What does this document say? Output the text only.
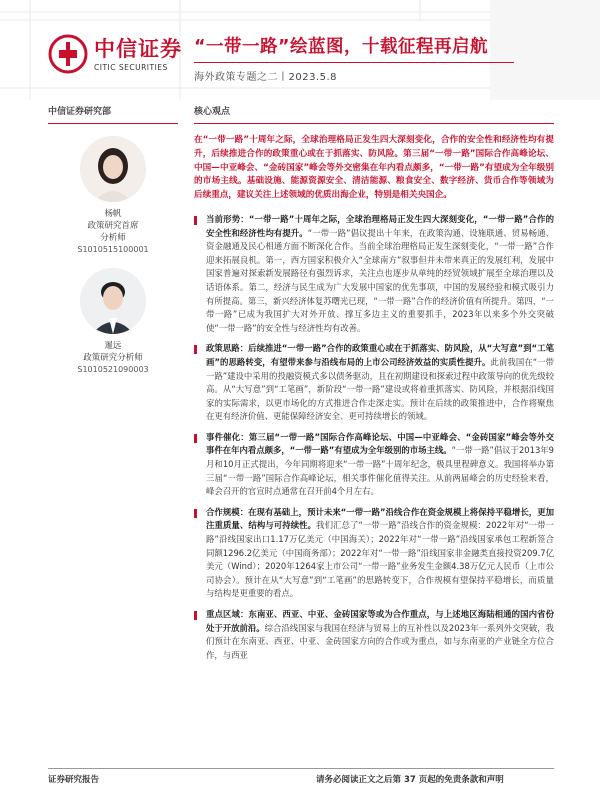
中信证券
CITIC SECURITIES
“一带一路”绘蓝图，十载征程再启航
海外政策专题之二丨2023.5.8
中信证券研究部
杨帆
政策研究首席
分析师
S1010515100001
暹远
政策研究分析师
S1010521090003
核心观点
在“一带一路”十周年之际，全球治理格局正发生四大深刻变化，合作的安全性和经济性均有提升，后续推进合作的政策重心或在于抓落实、防风险。第三届“一带一路”国际合作高峰论坛、中国—中亚峰会、“金砖国家”峰会等外交密集在年内看点颇多，“一带一路”有望成为全年级别的市场主线。基础设施、能源资源安全、清洁能源、粮食安全、数字经济、货币合作等领域为后续重点，建议关注上述领域的优质出海企业，特别是相关央国企。
当前形势：“一带一路”十周年之际，全球治理格局正发生四大深刻变化，“一带一路”合作的安全性和经济性均有提升。“一带一路”倡议提出十年来，在政策沟通、设施联通、贸易畅通、资金融通及民心相通方面不断深化合作。当前全球治理格局正发生深刻变化，“一带一路”合作迎来拓展良机。第一，西方国家积极介入“全球南方”叙事但并未带来真正的发展红利，发展中国家普遍对探索新发展路径有强烈诉求，关注点也逐步从单纯的经贸领域扩展至全球治理以及话语体系。第二，经济与民生成为广大发展中国家的优先事项，中国的发展经验和模式吸引力有所提高。第三，新兴经济体复苏曙光已现，“一带一路”合作的经济价值有所提升。第四，“一带一路”已成为我国扩大对外开放、撑互多边主义的重要抓手，2023年以来多个外交突破使“一带一路”的安全性与经济性均有改善。
政策思路：后续推进“一带一路”合作的政策重心或在于抓落实、防风险，从“大写意”到“工笔画”的思路转变，有望带来参与沿线布局的上市公司经济效益的实质性提升。此前我国在“一带一路”建设中采用的投融资模式多以债务驱动，且在初期建设和探索过程中政策导向的优先级较高。从“大写意”到“工笔画”，新阶段“一带一路”建设或将着重抓落实、防风险，并根据沿线国家的实际需求，以更市场化的方式推进合作走深走实。预计在后续的政策推进中，合作将聚焦在更有经济价值、更能保障经济安全、更可持续增长的领域。
事件催化：第三届“一带一路”国际合作高峰论坛、中国—中亚峰会、“金砖国家”峰会等外交事件在年内看点颇多，“一带一路”有望成为全年级别的市场主线。“一带一路”倡议于2013年9月和10月正式提出，今年同期将迎来“一带一路”十周年纪念，极具里程碑意义。我国将举办第三届“一带一路”国际合作高峰论坛，相关事件催化值得关注。从前两届峰会的历史经验来看，峰会召开的官宣时点通常在召开前4个月左右。
合作规模：在现有基础上，预计未来“一带一路”沿线合作在资金规模上将保持平稳增长，更加注重质量、结构与可持续性。我们汇总了“一带一路”沿线合作的资金规模：2022年对“一带一路”沿线国家出口1.17万亿美元（中国海关）；2022年对“一带一路”沿线国家承包工程新签合同额1296.2亿美元（中国商务部）；2022年对“一带一路”沿线国家非金融类直接投资209.7亿美元（Wind）；2020年1264家上市公司“一带一路”业务发生金额4.38万亿元人民币（上市公司协会）。预计在从“大写意”到“工笔画”的思路转变下，合作规模有望保持平稳增长，而质量与结构是更重要的看点。
重点区域：东南亚、西亚、中亚、金砖国家等或为合作重点，与上述地区海陆相通的国内省份处于开放前沿。综合沿线国家与我国在经济与贸易上的互补性以及2023年一系列外交突破，我们预计在东南亚、西亚、中亚、金砖国家方向的合作或为重点，如与东南亚的产业链全方位合作，与西亚
证券研究报告	请务必阅读正文之后第 37 页起的免责条款和声明
